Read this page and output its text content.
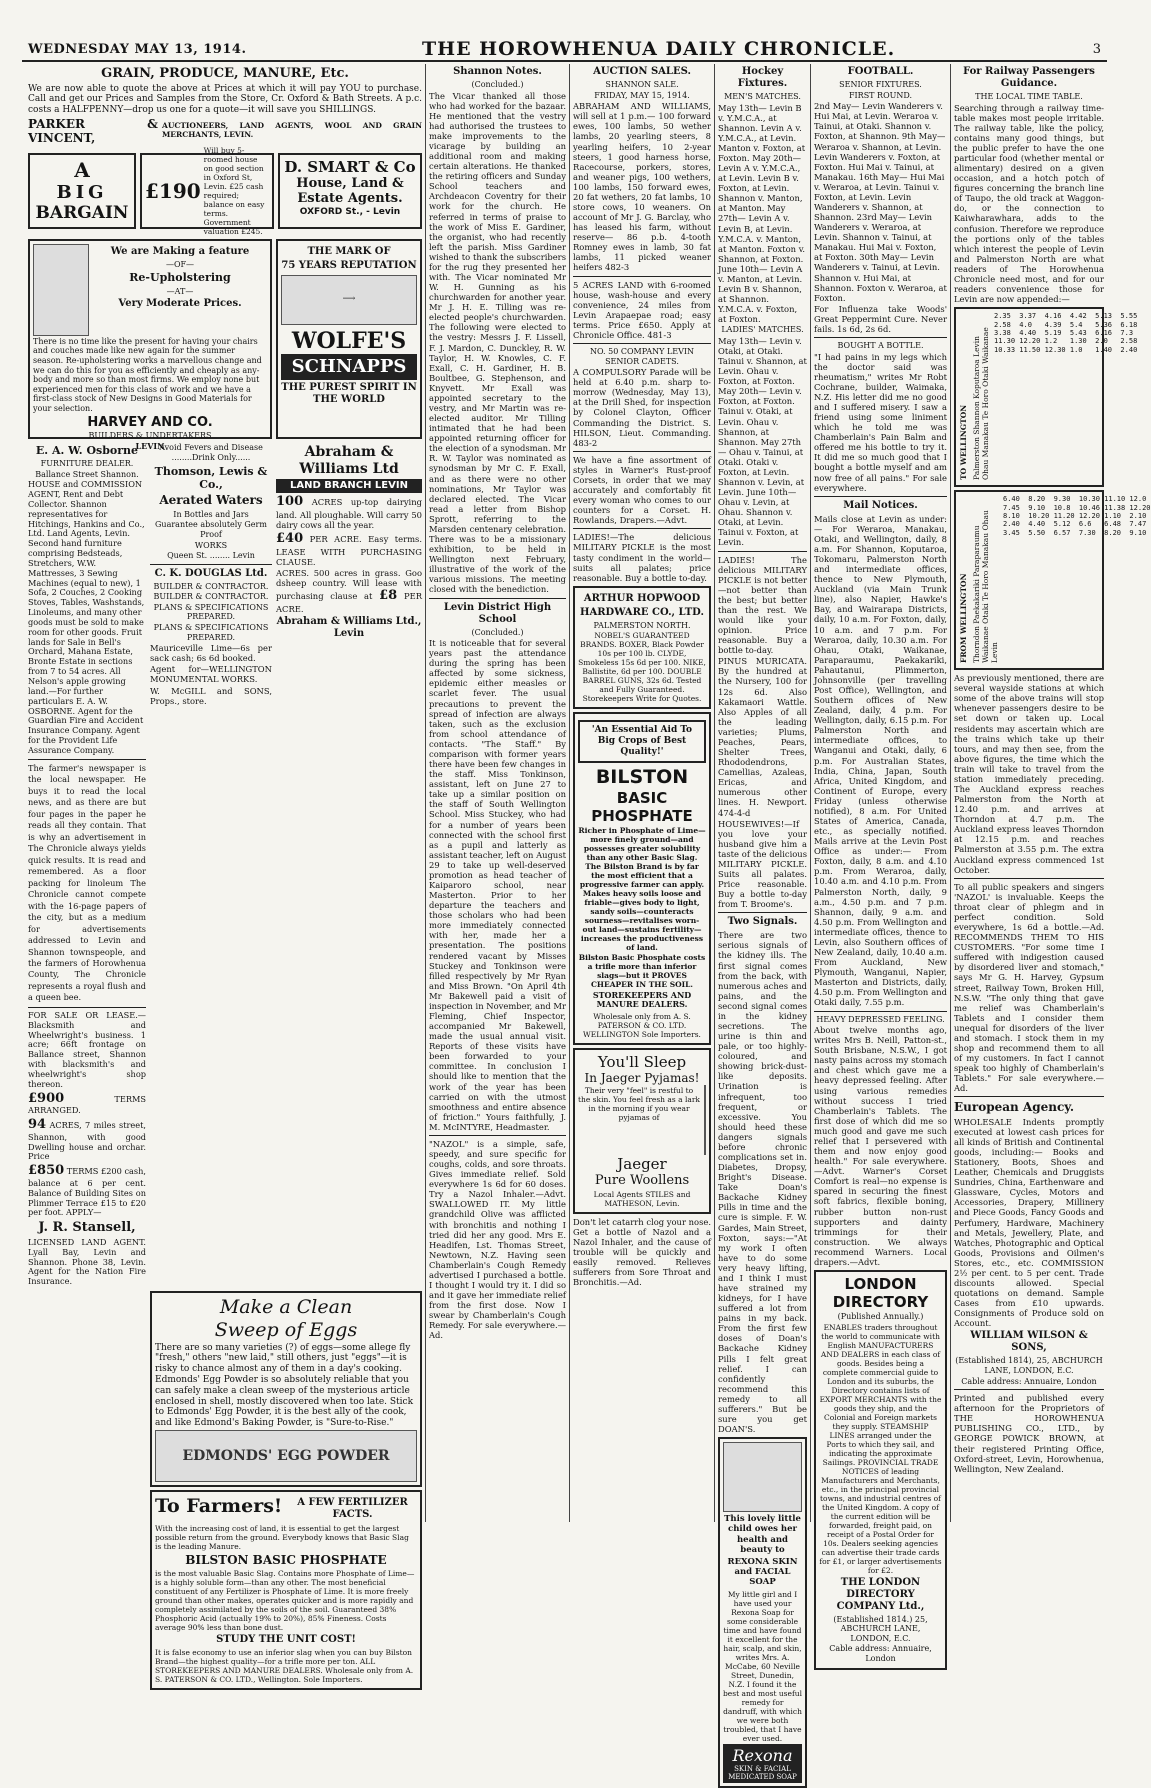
WEDNESDAY MAY 13, 1914.	THE HOROWHENUA DAILY CHRONICLE.	3
GRAIN, PRODUCE, MANURE, Etc.

We are now able to quote the above at Prices at which it will pay YOU to purchase. Call and get our Prices and Samples from the Store, Cr. Oxford & Bath Streets. A p.c. costs a HALFPENNY—drop us one for a quote—it will save you SHILLINGS.

PARKER & VINCENT,
AUCTIONEERS, LAND AGENTS, WOOL AND GRAIN MERCHANTS, LEVIN.
A
BIG
BARGAIN
£190
Will buy 5-roomed house on good section in Oxford St, Levin. £25 cash required; balance on easy terms. Government valuation £245.
D. SMART & Co
House, Land & Estate Agents.
OXFORD St., - Levin
We are Making a feature
—OF—
Re-Upholstering
—AT—
Very Moderate Prices.

There is no time like the present for having your chairs and couches made like new again for the summer season. Re-upholstering works a marvellous change and we can do this for you as efficiently and cheaply as any-body and more so than most firms. We employ none but experienced men for this class of work and we have a first-class stock of New Designs in Good Materials for your selection.

HARVEY AND CO.
BUILDERS & UNDERTAKERS
LEVIN
THE MARK OF
75 YEARS REPUTATION
⟶
WOLFE'S
SCHNAPPS
THE PUREST SPIRIT IN THE WORLD
E. A. W. Osborne
FURNITURE DEALER.
Ballance Street Shannon.

HOUSE and COMMISSION AGENT, Rent and Debt Collector. Shannon representatives for Hitchings, Hankins and Co., Ltd. Land Agents, Levin. Second hand furniture comprising Bedsteads, Stretchers, W.W. Mattresses, 3 Sewing Machines (equal to new), 1 Sofa, 2 Couches, 2 Cooking Stoves, Tables, Washstands, Linoleums, and many other goods must be sold to make room for other goods. Fruit lands for Sale in Bell's Orchard, Mahana Estate, Bronte Estate in sections from 7 to 54 acres. All Nelson's apple growing land.—For further particulars E. A. W. OSBORNE. Agent for the Guardian Fire and Accident Insurance Company. Agent for the Provident Life Assurance Company.

The farmer's newspaper is the local newspaper. He buys it to read the local news, and as there are but four pages in the paper he reads all they contain. That is why an advertisement in The Chronicle always yields quick results. It is read and remembered. As a floor packing for linoleum The Chronicle cannot compete with the 16-page papers of the city, but as a medium for advertisements addressed to Levin and Shannon townspeople, and the farmers of Horowhenua County, The Chronicle represents a royal flush and a queen bee.

FOR SALE OR LEASE.— Blacksmith and Wheelwright's business. 1 acre; 66ft frontage on Ballance street, Shannon with blacksmith's and wheelwright's shop thereon.

£900	TERMS ARRANGED.

94 ACRES, 7 miles street, Shannon, with good Dwelling house and orchar. Price

£850 TERMS £200 cash, balance at 6 per cent. Balance of Building Sites on Plimmer Terrace £15 to £20 per foot. APPLY—

J. R. Stansell,

LICENSED LAND AGENT. Lyall Bay, Levin and Shannon. Phone 38, Levin. Agent for the Nation Fire Insurance.

Avoid Fevers and Disease
........Drink Only......
Thomson, Lewis & Co.,
Aerated Waters
In Bottles and Jars
Guarantee absolutely Germ Proof
WORKS
Queen St. ........ Levin
C. K. DOUGLAS Ltd.
BUILDER & CONTRACTOR.
BUILDER & CONTRACTOR.
PLANS & SPECIFICATIONS PREPARED.
PLANS & SPECIFICATIONS PREPARED.

Mauriceville Lime—6s per sack cash; 6s 6d booked.

Agent for—WELLINGTON MONUMENTAL WORKS.

W. McGILL and SONS, Props., store.

Abraham & Williams Ltd
LAND BRANCH LEVIN

100 ACRES up-top dairying land. All ploughable. Will carry 50 dairy cows all the year.

£40 PER ACRE. Easy terms. LEASE WITH PURCHASING CLAUSE.

ACRES. 500 acres in grass. Goo dsheep country. Will lease with purchasing clause at £8 PER ACRE.

Abraham & Williams Ltd., Levin
Make a Clean
Sweep of Eggs

There are so many varieties (?) of eggs—some allege fly "fresh," others "new laid," still others, just "eggs"—it is risky to chance almost any of them in a day's cooking. Edmonds' Egg Powder is so absolutely reliable that you can safely make a clean sweep of the mysterious article enclosed in shell, mostly discovered when too late. Stick to Edmonds' Egg Powder, it is the best ally of the cook, and like Edmond's Baking Powder, is "Sure-to-Rise."

EDMONDS' EGG POWDER
To Farmers!	A FEW FERTILIZER FACTS.

With the increasing cost of land, it is essential to get the largest possible return from the ground. Everybody knows that Basic Slag is the leading Manure.

BILSTON BASIC PHOSPHATE

is the most valuable Basic Slag. Contains more Phosphate of Lime—is a highly soluble form—than any other. The most beneficial constituent of any Fertilizer is Phosphate of Lime. It is more freely ground than other makes, operates quicker and is more rapidly and completely assimilated by the soils of the soil. Guaranteed 38% Phosphoric Acid (actually 19% to 20%), 85% Fineness. Costs average 90% less than bone dust.

STUDY THE UNIT COST!

It is false economy to use an inferior slag when you can buy Bilston Brand—the highest quality—for a trifle more per ton. ALL STOREKEEPERS AND MANURE DEALERS. Wholesale only from A. S. PATERSON & CO. LTD., Wellington. Sole Importers.

Shannon Notes.
(Concluded.)

The Vicar thanked all those who had worked for the bazaar. He mentioned that the vestry had authorised the trustees to make improvements to the vicarage by building an additional room and making certain alterations. He thanked the retiring officers and Sunday School teachers and Archdeacon Coventry for their work for the church. He referred in terms of praise to the work of Miss E. Gardiner, the organist, who had recently left the parish. Miss Gardiner wished to thank the subscribers for the rug they presented her with. The Vicar nominated Mr W. H. Gunning as his churchwarden for another year. Mr J. H. E. Tilling was re-elected people's churchwarden. The following were elected to the vestry: Messrs J. F. Lissell, F. J. Mardon, C. Dunckley, R. W. Taylor, H. W. Knowles, C. F. Exall, C. H. Gardiner, H. B. Boultbee, G. Stephenson, and Knyvett. Mr Exall was appointed secretary to the vestry, and Mr Martin was re-elected auditor. Mr Tilling intimated that he had been appointed returning officer for the election of a synodsman. Mr R. W. Taylor was nominated as synodsman by Mr C. F. Exall, and as there were no other nominations, Mr Taylor was declared elected. The Vicar read a letter from Bishop Sprott, referring to the Marsden centenary celebration. There was to be a missionary exhibition, to be held in Wellington next February, illustrative of the work of the various missions. The meeting closed with the benediction.

Levin District High School
(Concluded.)

It is noticeable that for several years past the attendance during the spring has been affected by some sickness, epidemic either measles or scarlet fever. The usual precautions to prevent the spread of infection are always taken, such as the exclusion from school attendance of contacts. "The Staff." By comparison with former years there have been few changes in the staff. Miss Tonkinson, assistant, left on June 27 to take up a similar position on the staff of South Wellington School. Miss Stuckey, who had for a number of years been connected with the school first as a pupil and latterly as assistant teacher, left on August 29 to take up well-deserved promotion as head teacher of Kaiparoro school, near Masterton. Prior to her departure the teachers and those scholars who had been more immediately connected with her, made her a presentation. The positions rendered vacant by Misses Stuckey and Tonkinson were filled respectively by Mr Ryan and Miss Brown. "On April 4th Mr Bakewell paid a visit of inspection in November, and Mr Fleming, Chief Inspector, accompanied Mr Bakewell, made the usual annual visit. Reports of these visits have been forwarded to your committee. In conclusion I should like to mention that the work of the year has been carried on with the utmost smoothness and entire absence of friction." Yours faithfully, J. M. McINTYRE, Headmaster.

"NAZOL" is a simple, safe, speedy, and sure specific for coughs, colds, and sore throats. Gives immediate relief. Sold everywhere 1s 6d for 60 doses. Try a Nazol Inhaler.—Advt. SWALLOWED IT. My little grandchild Olive was afflicted with bronchitis and nothing I tried did her any good. Mrs E. Headifen, Lst. Thomas Street, Newtown, N.Z. Having seen Chamberlain's Cough Remedy advertised I purchased a bottle. I thought I would try it. I did so and it gave her immediate relief from the first dose. Now I swear by Chamberlain's Cough Remedy. For sale everywhere.—Ad.

AUCTION SALES.
SHANNON SALE.
FRIDAY, MAY 15, 1914.

ABRAHAM AND WILLIAMS, will sell at 1 p.m.— 100 forward ewes, 100 lambs, 50 wether lambs, 20 yearling steers, 8 yearling heifers, 10 2-year steers, 1 good harness horse, Racecourse, porkers, stores, and weaner pigs, 100 wethers, 100 lambs, 150 forward ewes, 20 fat wethers, 20 fat lambs, 10 store cows, 10 weaners. On account of Mr J. G. Barclay, who has leased his farm, without reserve— 86 p.b. 4-tooth Romney ewes in lamb, 30 fat lambs, 11 picked weaner heifers 482-3

5 ACRES LAND with 6-roomed house, wash-house and every convenience, 24 miles from Levin Arapaepae road; easy terms. Price £650. Apply at Chronicle Office. 481-3

NO. 50 COMPANY LEVIN SENIOR CADETS.

A COMPULSORY Parade will be held at 6.40 p.m. sharp to-morrow (Wednesday, May 13), at the Drill Shed, for inspection by Colonel Clayton, Officer Commanding the District. S. HILSON, Lieut. Commanding. 483-2

We have a fine assortment of styles in Warner's Rust-proof Corsets, in order that we may accurately and comfortably fit every woman who comes to our counters for a Corset. H. Rowlands, Drapers.—Advt.

LADIES!—The delicious MILITARY PICKLE is the most tasty condiment in the world—suits all palates; price reasonable. Buy a bottle to-day.

ARTHUR HOPWOOD
HARDWARE CO., LTD.
PALMERSTON NORTH.

NOBEL'S GUARANTEED BRANDS. BOXER, Black Powder 10s per 100 lb. CLYDE, Smokeless 15s 6d per 100. NIKE, Ballistite, 6d per 100. DOUBLE BARREL GUNS, 32s 6d. Tested and Fully Guaranteed. Storekeepers Write for Quotes.

'An Essential Aid To Big Crops of Best Quality!'
BILSTON
BASIC
PHOSPHATE

Richer in Phosphate of Lime—more finely ground—and possesses greater solubility than any other Basic Slag. The Bilston Brand is by far the most efficient that a progressive farmer can apply. Makes heavy soils loose and friable—gives body to light, sandy soils—counteracts sourness—revitalises worn-out land—sustains fertility—increases the productiveness of land.

Bilston Basic Phosphate costs a trifle more than inferior slags—but it PROVES CHEAPER IN THE SOIL.

STOREKEEPERS AND MANURE DEALERS.

Wholesale only from A. S. PATERSON & CO. LTD. WELLINGTON Sole Importers.

You'll Sleep
In Jaeger Pyjamas!

Their very "feel" is restful to the skin. You feel fresh as a lark in the morning if you wear pyjamas of

Jaeger
Pure Woollens

Local Agents STILES and MATHESON, Levin.

Don't let catarrh clog your nose. Get a bottle of Nazol and a Nazol Inhaler, and the cause of trouble will be quickly and easily removed. Relieves sufferers from Sore Throat and Bronchitis.—Ad.

Hockey Fixtures.
MEN'S MATCHES.

May 13th— Levin B v. Y.M.C.A., at Shannon. Levin A v. Y.M.C.A., at Levin. Manton v. Foxton, at Foxton. May 20th— Levin A v. Y.M.C.A., at Levin. Levin B v. Foxton, at Levin. Shannon v. Manton, at Manton. May 27th— Levin A v. Levin B, at Levin. Y.M.C.A. v. Manton, at Manton. Foxton v. Shannon, at Foxton. June 10th— Levin A v. Manton, at Levin. Levin B v. Shannon, at Shannon. Y.M.C.A. v. Foxton, at Foxton.

LADIES' MATCHES.

May 13th— Levin v. Otaki, at Otaki. Tainui v. Shannon, at Levin. Ohau v. Foxton, at Foxton. May 20th— Levin v. Foxton, at Foxton. Tainui v. Otaki, at Levin. Ohau v. Shannon, at Shannon. May 27th— Ohau v. Tainui, at Otaki. Otaki v. Foxton, at Levin. Shannon v. Levin, at Levin. June 10th— Ohau v. Levin, at Ohau. Shannon v. Otaki, at Levin. Tainui v. Foxton, at Levin.

LADIES! The delicious MILITARY PICKLE is not better—not better than the best; but better than the rest. We would like your opinion. Price reasonable. Buy a bottle to-day.

PINUS MURICATA. By the hundred at the Nursery, 100 for 12s 6d. Also Kakamaori Wattle. Also Apples of all the leading varieties; Plums, Peaches, Pears, Shelter Trees, Rhododendrons, Camellias, Azaleas, Ericas, and numerous other lines. H. Newport. 474-4-d

HOUSEWIVES!—If you love your husband give him a taste of the delicious MILITARY PICKLE. Suits all palates. Price reasonable. Buy a bottle to-day from T. Broome's.

Two Signals.

There are two serious signals of the kidney ills. The first signal comes from the back, with numerous aches and pains, and the second signal comes in the kidney secretions. The urine is thin and pale, or too highly-coloured, and showing brick-dust-like deposits. Urination is infrequent, too frequent, or excessive. You should heed these dangers signals before chronic complications set in. Diabetes, Dropsy, Bright's Disease. Take Doan's Backache Kidney Pills in time and the cure is simple. F. W. Gardes, Main Street, Foxton, says:—"At my work I often have to do some very heavy lifting, and I think I must have strained my kidneys, for I have suffered a lot from pains in my back. From the first few doses of Doan's Backache Kidney Pills I felt great relief. I can confidently recommend this remedy to all sufferers." But be sure you get DOAN'S.

This lovely little child owes her health and beauty to
REXONA SKIN and FACIAL SOAP

My little girl and I have used your Rexona Soap for some considerable time and have found it excellent for the hair, scalp, and skin, writes Mrs. A. McCabe, 60 Neville Street, Dunedin, N.Z. I found it the best and most useful remedy for dandruff, with which we were both troubled, that I have ever used.

Rexona
SKIN & FACIAL MEDICATED SOAP
FOOTBALL.
SENIOR FIXTURES.
FIRST ROUND.

2nd May— Levin Wanderers v. Hui Mai, at Levin. Weraroa v. Tainui, at Otaki. Shannon v. Foxton, at Shannon. 9th May— Weraroa v. Shannon, at Levin. Levin Wanderers v. Foxton, at Foxton. Hui Mai v. Tainui, at Manakau. 16th May— Hui Mai v. Weraroa, at Levin. Tainui v. Foxton, at Levin. Levin Wanderers v. Shannon, at Shannon. 23rd May— Levin Wanderers v. Weraroa, at Levin. Shannon v. Tainui, at Manakau. Hui Mai v. Foxton, at Foxton. 30th May— Levin Wanderers v. Tainui, at Levin. Shannon v. Hui Mai, at Shannon. Foxton v. Weraroa, at Foxton.

For Influenza take Woods' Great Peppermint Cure. Never fails. 1s 6d, 2s 6d.

BOUGHT A BOTTLE.

"I had pains in my legs which the doctor said was rheumatism," writes Mr Robt Cochrane, builder, Waimaka, N.Z. His letter did me no good and I suffered misery. I saw a friend using some liniment which he told me was Chamberlain's Pain Balm and offered me his bottle to try it. It did me so much good that I bought a bottle myself and am now free of all pains." For sale everywhere.

Mail Notices.

Mails close at Levin as under:— For Weraroa, Manakau, Otaki, and Wellington, daily, 8 a.m. For Shannon, Koputaroa, Tokomaru, Palmerston North and intermediate offices, thence to New Plymouth, Auckland (via Main Trunk line), also Napier, Hawke's Bay, and Wairarapa Districts, daily, 10 a.m. For Foxton, daily, 10 a.m. and 7 p.m. For Weraroa, daily, 10.30 a.m. For Ohau, Otaki, Waikanae, Paraparaumu, Paekakariki, Pahautanui, Plimmerton, Johnsonville (per travelling Post Office), Wellington, and Southern offices of New Zealand, daily, 4 p.m. For Wellington, daily, 6.15 p.m. For Palmerston North and intermediate offices, to Wanganui and Otaki, daily, 6 p.m. For Australian States, India, China, Japan, South Africa, United Kingdom, and Continent of Europe, every Friday (unless otherwise notified), 8 a.m. For United States of America, Canada, etc., as specially notified. Mails arrive at the Levin Post Office as under:— From Foxton, daily, 8 a.m. and 4.10 p.m. From Weraroa, daily, 10.40 a.m. and 4.10 p.m. From Palmerston North, daily, 9 a.m., 4.50 p.m. and 7 p.m. Shannon, daily, 9 a.m. and 4.50 p.m. From Wellington and intermediate offices, thence to Levin, also Southern offices of New Zealand, daily, 10.40 a.m. From Auckland, New Plymouth, Wanganui, Napier, Masterton and Districts, daily, 4.50 p.m. From Wellington and Otaki daily, 7.55 p.m.

HEAVY DEPRESSED FEELING.

About twelve months ago, writes Mrs B. Neill, Patton-st., South Brisbane, N.S.W., I got nasty pains across my stomach and chest which gave me a heavy depressed feeling. After using various remedies without success I tried Chamberlain's Tablets. The first dose of which did me so much good and gave me such relief that I persevered with them and now enjoy good health." For sale everywhere.—Advt. Warner's Corset Comfort is real—no expense is spared in securing the finest soft fabrics, flexible boning, rubber button non-rust supporters and dainty trimmings for their construction. We always recommend Warners. Local drapers.—Advt.

LONDON
DIRECTORY
(Published Annually.)

ENABLES traders throughout the world to communicate with English MANUFACTURERS AND DEALERS in each class of goods. Besides being a complete commercial guide to London and its suburbs, the Directory contains lists of EXPORT MERCHANTS with the goods they ship, and the Colonial and Foreign markets they supply. STEAMSHIP LINES arranged under the Ports to which they sail, and indicating the approximate Sailings. PROVINCIAL TRADE NOTICES of leading Manufacturers and Merchants, etc., in the principal provincial towns, and industrial centres of the United Kingdom. A copy of the current edition will be forwarded, freight paid, on receipt of a Postal Order for 10s. Dealers seeking agencies can advertise their trade cards for £1, or larger advertisements for £2.

THE LONDON DIRECTORY COMPANY Ltd.,
(Established 1814.) 25, ABCHURCH LANE, LONDON, E.C.
Cable address: Annuaire, London
For Railway Passengers Guidance.
THE LOCAL TIME TABLE.

Searching through a railway time-table makes most people irritable. The railway table, like the policy, contains many good things, but the public prefer to have the one particular food (whether mental or alimentary) desired on a given occasion, and a hotch potch of figures concerning the branch line of Taupo, the old track at Waggon-do, or the connection to Kaiwharawhara, adds to the confusion. Therefore we reproduce the portions only of the tables which interest the people of Levin and Palmerston North are what readers of The Horowhenua Chronicle need most, and for our readers convenience those for Levin are now appended:—

TO WELLINGTON Palmerston Shannon Koputaroa Levin Ohau Manakau Te Horo Otaki Waikanae
2.35  3.37  4.16  4.42  5.13  5.55
2.58  4.0   4.39  5.4   5.36  6.18
3.38  4.40  5.19  5.43  6.16  7.3
11.30 12.20 1.2   1.30  2.0   2.58
10.33 11.50 12.30 1.0   1.40  2.40
FROM WELLINGTON Thorndon Paekakariki Paraparaumu Waikanae Otaki Te Horo Manakau Ohau Levin
6.40  8.20  9.30  10.30 11.10 12.0
7.45  9.10  10.8  10.46 11.38 12.20
8.10  10.20 11.20 12.20 1.10  2.10
2.40  4.40  5.12  6.6   6.48  7.47
3.45  5.50  6.57  7.30  8.20  9.10

As previously mentioned, there are several wayside stations at which some of the above trains will stop whenever passengers desire to be set down or taken up. Local residents may ascertain which are the trains which take up their tours, and may then see, from the above figures, the time which the train will take to travel from the station immediately preceding. The Auckland express reaches Palmerston from the North at 12.40 p.m. and arrives at Thorndon at 4.7 p.m. The Auckland express leaves Thorndon at 12.15 p.m. and reaches Palmerston at 3.55 p.m. The extra Auckland express commenced 1st October.

To all public speakers and singers 'NAZOL' is invaluable. Keeps the throat clear of phlegm and in perfect condition. Sold everywhere, 1s 6d a bottle.—Ad. RECOMMENDS THEM TO HIS CUSTOMERS. "For some time I suffered with indigestion caused by disordered liver and stomach," says Mr G. H. Harvey, Gypsum street, Railway Town, Broken Hill, N.S.W. "The only thing that gave me relief was Chamberlain's Tablets and I consider them unequal for disorders of the liver and stomach. I stock them in my shop and recommend them to all of my customers. In fact I cannot speak too highly of Chamberlain's Tablets." For sale everywhere.—Ad.

European Agency.

WHOLESALE Indents promptly executed at lowest cash prices for all kinds of British and Continental goods, including:— Books and Stationery, Boots, Shoes and Leather, Chemicals and Druggists Sundries, China, Earthenware and Glassware, Cycles, Motors and Accessories, Drapery, Millinery and Piece Goods, Fancy Goods and Perfumery, Hardware, Machinery and Metals, Jewellery, Plate, and Watches, Photographic and Optical Goods, Provisions and Oilmen's Stores, etc., etc. COMMISSION 2½ per cent. to 5 per cent. Trade discounts allowed. Special quotations on demand. Sample Cases from £10 upwards. Consignments of Produce sold on Account.

WILLIAM WILSON & SONS,
(Established 1814), 25, ABCHURCH LANE, LONDON, E.C.
Cable address: Annuaire, London

Printed and published every afternoon for the Proprietors of THE HOROWHENUA PUBLISHING CO., LTD., by GEORGE POWICK BROWN, at their registered Printing Office, Oxford-street, Levin, Horowhenua, Wellington, New Zealand.
